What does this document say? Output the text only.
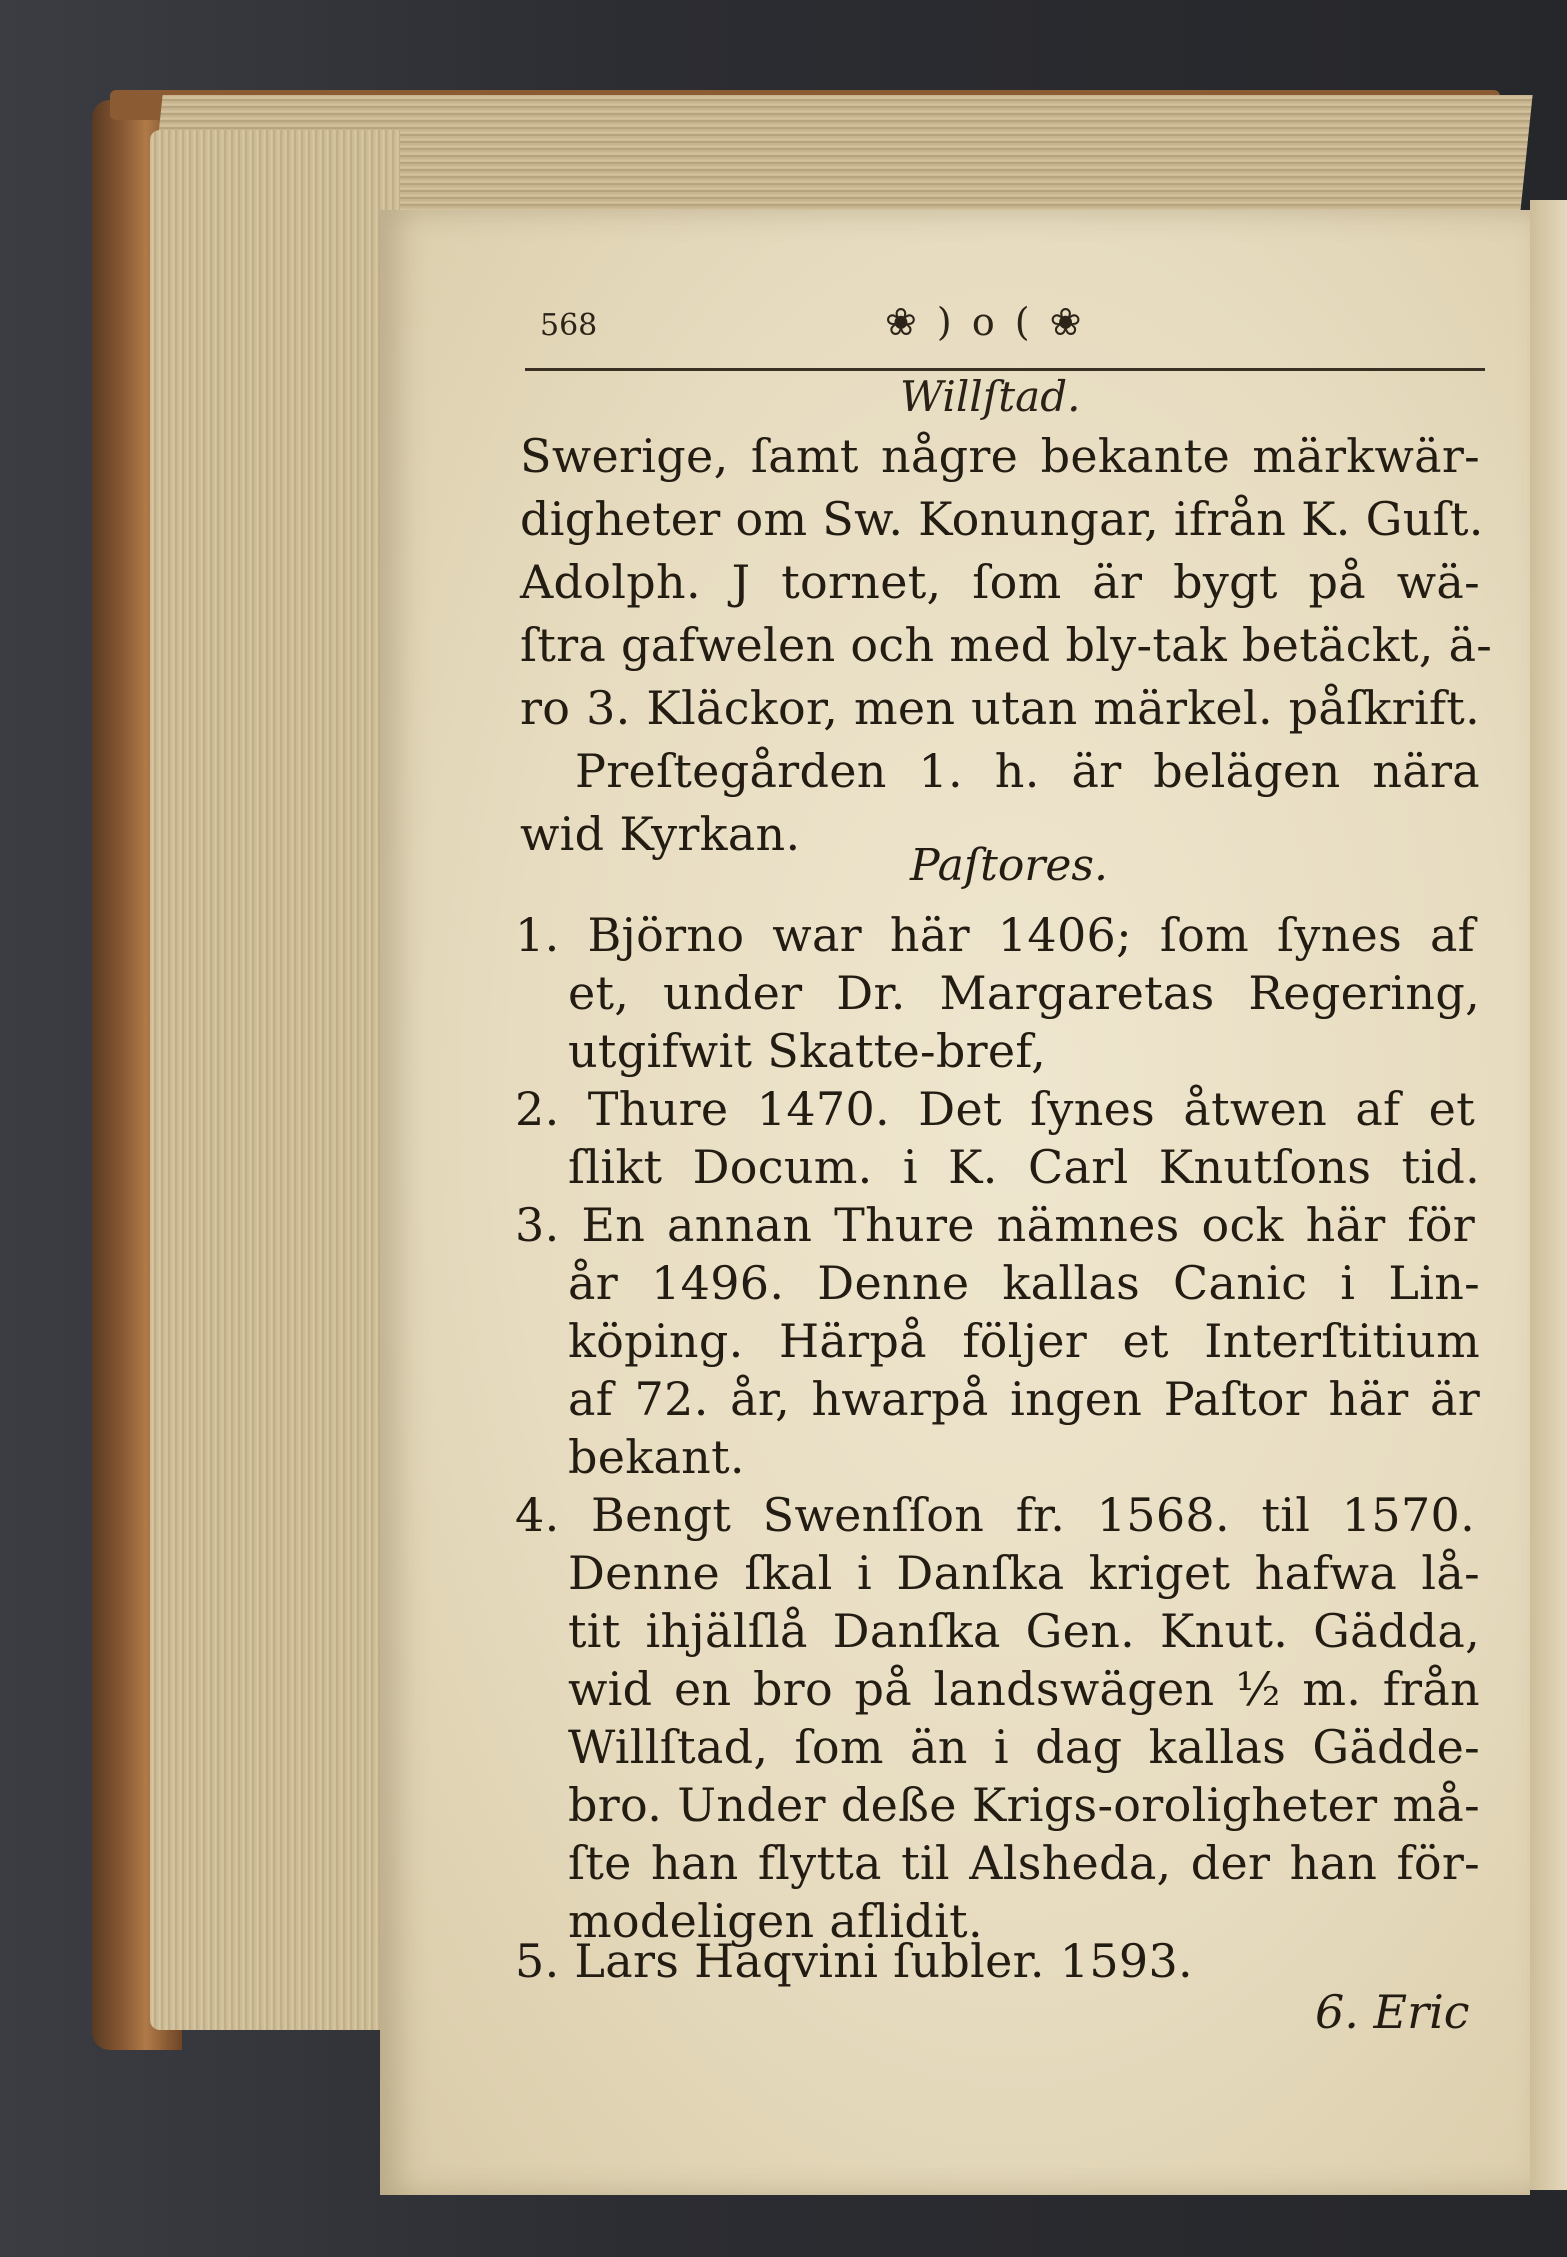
568	❀ ) o ( ❀
Willſtad.
Swerige, ſamt någre bekante märkwär-
digheter om Sw. Konungar, ifrån K. Guſt.
Adolph. J tornet, ſom är bygt på wä-
ſtra gafwelen och med bly-tak betäckt, ä-
ro 3. Kläckor, men utan märkel. påſkrift.
Preſtegården 1. h. är belägen nära
wid Kyrkan.
Paſtores.
1. Björno war här 1406; ſom ſynes af
et, under Dr. Margaretas Regering,
utgifwit Skatte-bref,
2. Thure 1470. Det ſynes åtwen af et
ſlikt Docum. i K. Carl Knutſons tid.
3. En annan Thure nämnes ock här för
år 1496. Denne kallas Canic i Lin-
köping. Härpå följer et Interſtitium
af 72. år, hwarpå ingen Paſtor här är
bekant.
4. Bengt Swenſſon fr. 1568. til 1570.
Denne ſkal i Danſka kriget hafwa lå-
tit ihjälſlå Danſka Gen. Knut. Gädda,
wid en bro på landswägen ½ m. från
Willſtad, ſom än i dag kallas Gädde-
bro. Under deße Krigs-oroligheter må-
ſte han flytta til Alsheda, der han för-
modeligen aflidit.
5. Lars Haqvini ſubler. 1593.
6. Eric
